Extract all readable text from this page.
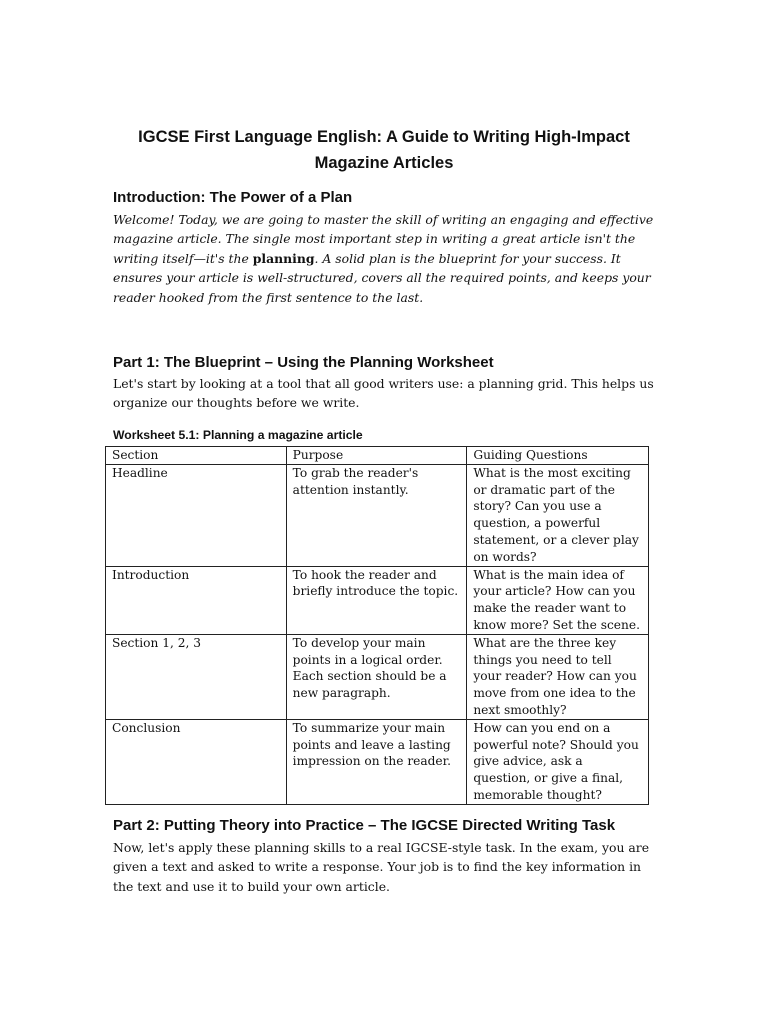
IGCSE First Language English: A Guide to Writing High-Impact Magazine Articles
Introduction: The Power of a Plan

Welcome! Today, we are going to master the skill of writing an engaging and effective magazine article. The single most important step in writing a great article isn't the writing itself—it's the planning. A solid plan is the blueprint for your success. It ensures your article is well-structured, covers all the required points, and keeps your reader hooked from the first sentence to the last.

Part 1: The Blueprint – Using the Planning Worksheet

Let's start by looking at a tool that all good writers use: a planning grid. This helps us organize our thoughts before we write.

Worksheet 5.1: Planning a magazine article
Section	Purpose	Guiding Questions
Headline	To grab the reader's attention instantly.	What is the most exciting or dramatic part of the story? Can you use a question, a powerful statement, or a clever play on words?
Introduction	To hook the reader and briefly introduce the topic.	What is the main idea of your article? How can you make the reader want to know more? Set the scene.
Section 1, 2, 3	To develop your main points in a logical order. Each section should be a new paragraph.	What are the three key things you need to tell your reader? How can you move from one idea to the next smoothly?
Conclusion	To summarize your main points and leave a lasting impression on the reader.	How can you end on a powerful note? Should you give advice, ask a question, or give a final, memorable thought?
Part 2: Putting Theory into Practice – The IGCSE Directed Writing Task

Now, let's apply these planning skills to a real IGCSE-style task. In the exam, you are given a text and asked to write a response. Your job is to find the key information in the text and use it to build your own article.
